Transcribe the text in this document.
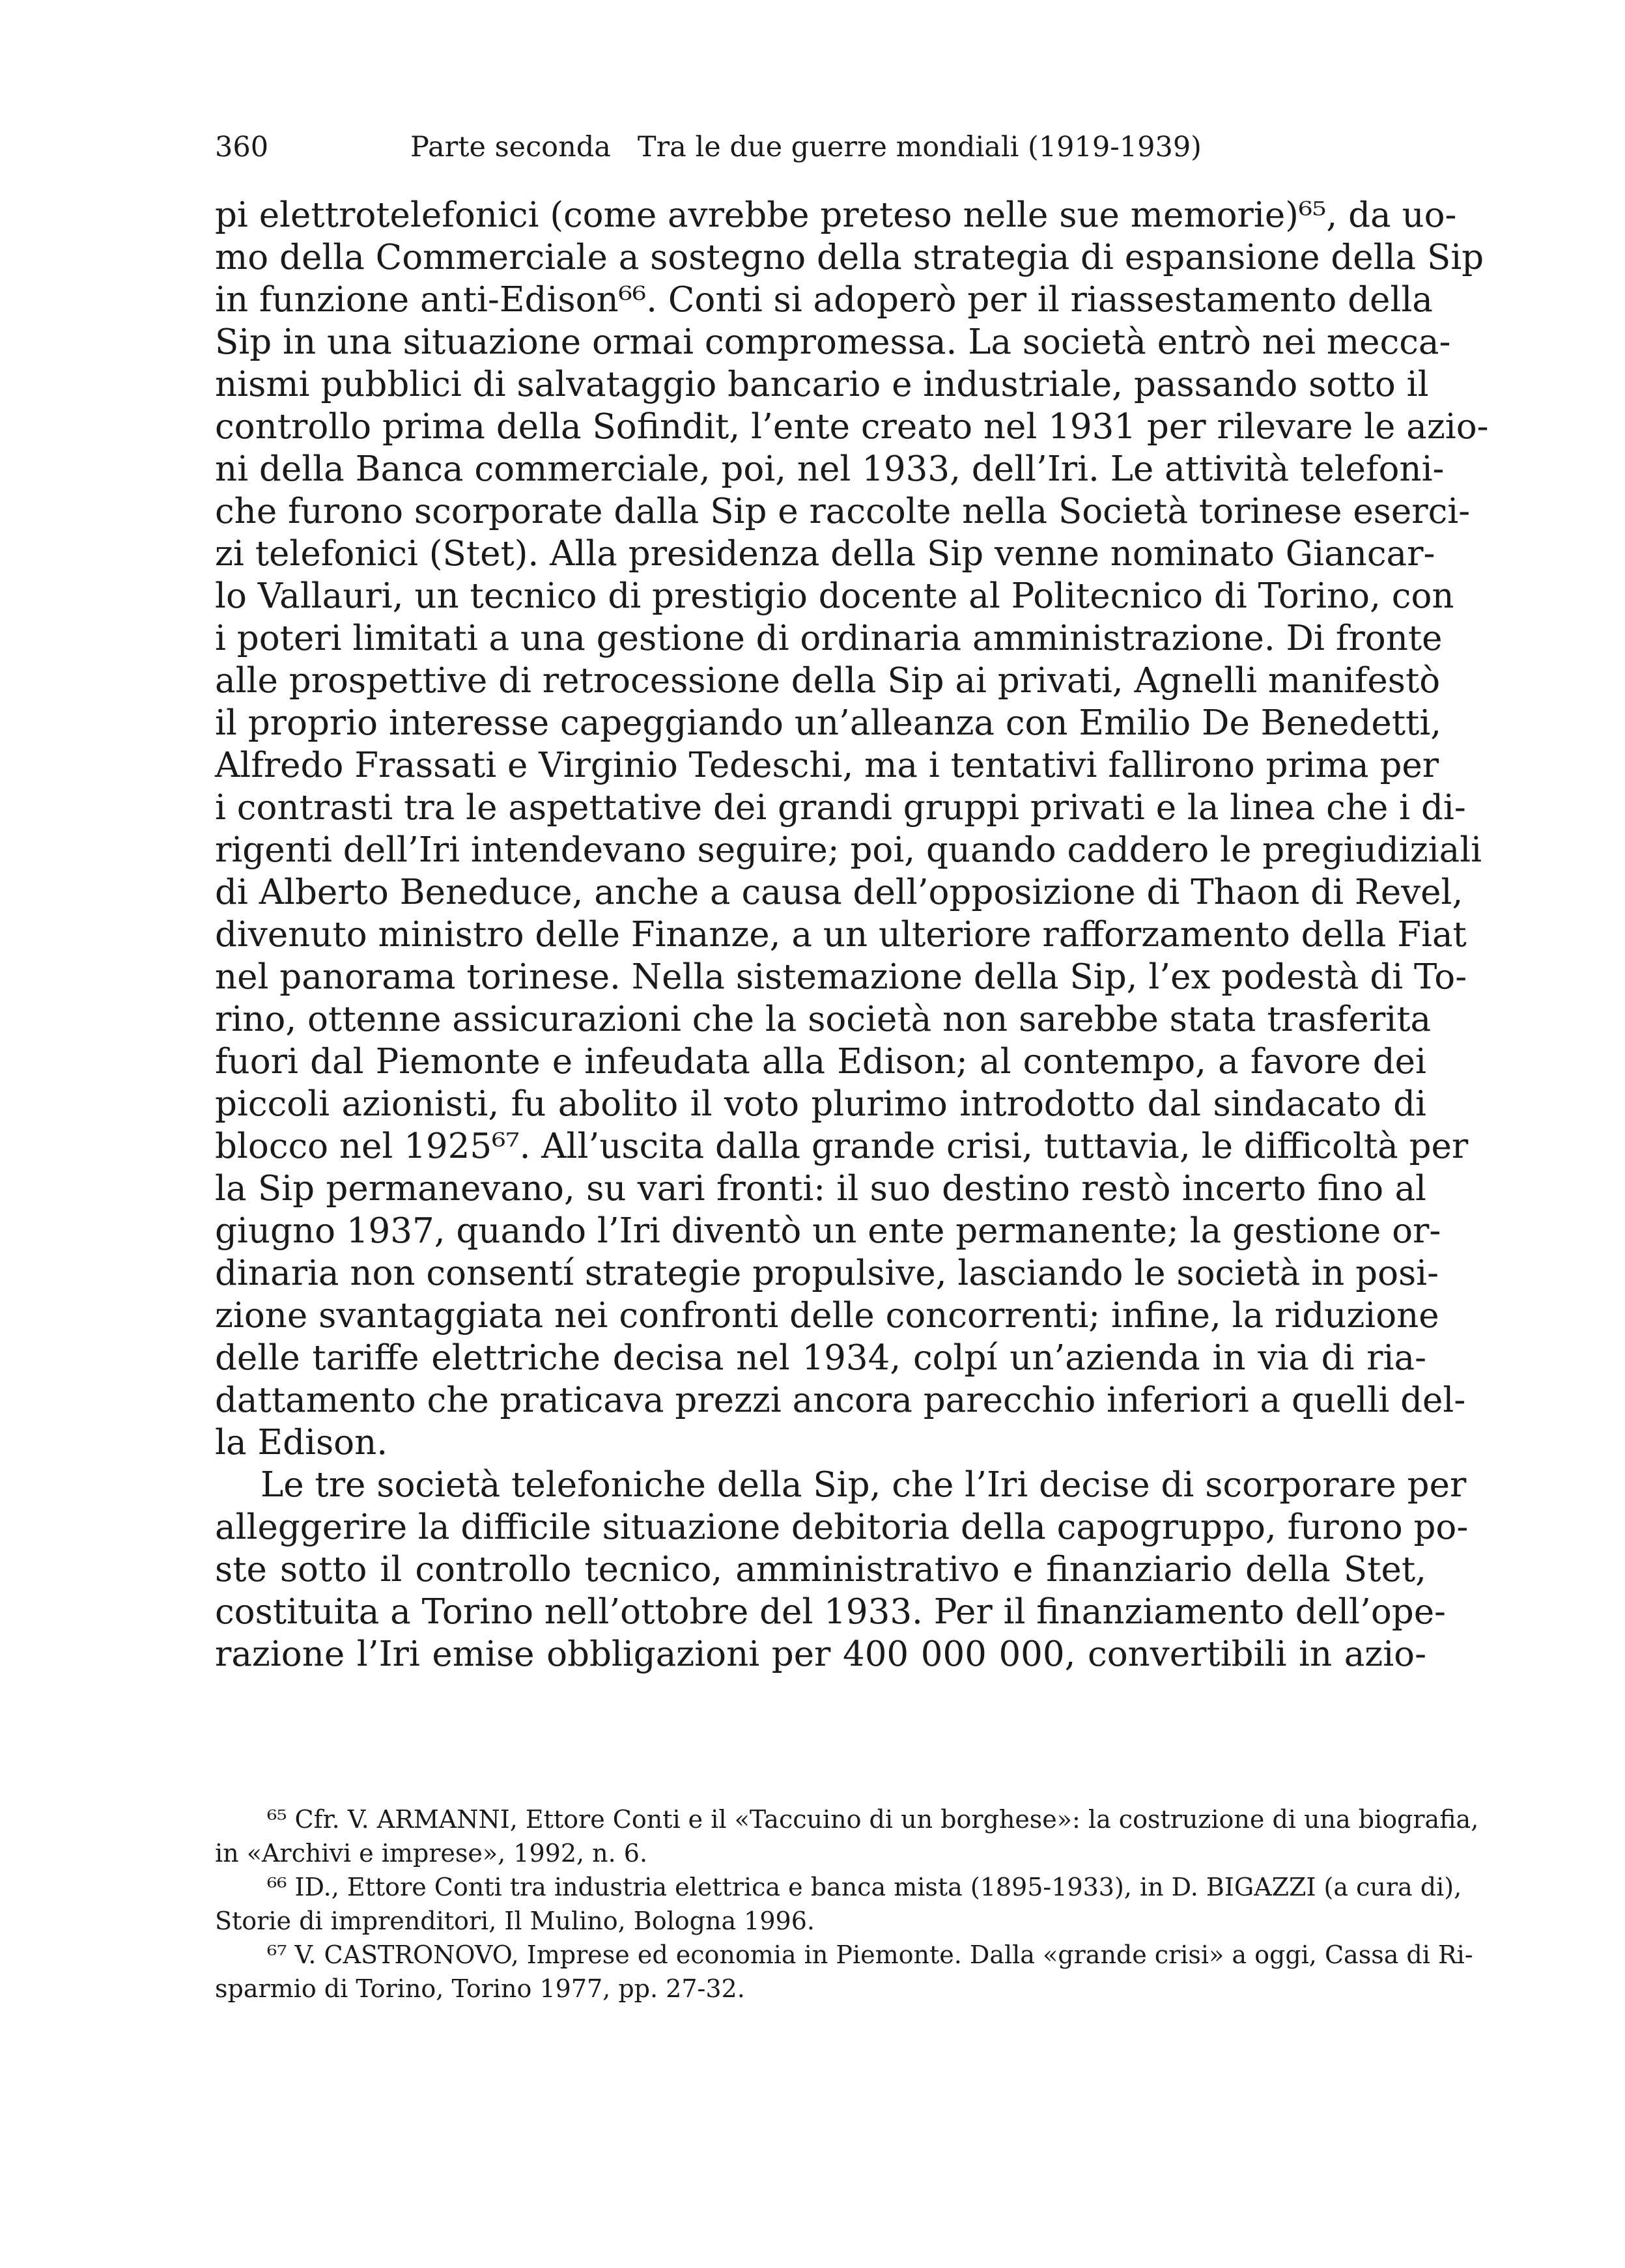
360	Parte seconda   Tra le due guerre mondiali (1919-1939)
pi elettrotelefonici (come avrebbe preteso nelle sue memorie)⁶⁵, da uo-
mo della Commerciale a sostegno della strategia di espansione della Sip
in funzione anti-Edison⁶⁶. Conti si adoperò per il riassestamento della
Sip in una situazione ormai compromessa. La società entrò nei mecca-
nismi pubblici di salvataggio bancario e industriale, passando sotto il
controllo prima della Sofindit, l’ente creato nel 1931 per rilevare le azio-
ni della Banca commerciale, poi, nel 1933, dell’Iri. Le attività telefoni-
che furono scorporate dalla Sip e raccolte nella Società torinese eserci-
zi telefonici (Stet). Alla presidenza della Sip venne nominato Giancar-
lo Vallauri, un tecnico di prestigio docente al Politecnico di Torino, con
i poteri limitati a una gestione di ordinaria amministrazione. Di fronte
alle prospettive di retrocessione della Sip ai privati, Agnelli manifestò
il proprio interesse capeggiando un’alleanza con Emilio De Benedetti,
Alfredo Frassati e Virginio Tedeschi, ma i tentativi fallirono prima per
i contrasti tra le aspettative dei grandi gruppi privati e la linea che i di-
rigenti dell’Iri intendevano seguire; poi, quando caddero le pregiudiziali
di Alberto Beneduce, anche a causa dell’opposizione di Thaon di Revel,
divenuto ministro delle Finanze, a un ulteriore rafforzamento della Fiat
nel panorama torinese. Nella sistemazione della Sip, l’ex podestà di To-
rino, ottenne assicurazioni che la società non sarebbe stata trasferita
fuori dal Piemonte e infeudata alla Edison; al contempo, a favore dei
piccoli azionisti, fu abolito il voto plurimo introdotto dal sindacato di
blocco nel 1925⁶⁷. All’uscita dalla grande crisi, tuttavia, le difficoltà per
la Sip permanevano, su vari fronti: il suo destino restò incerto fino al
giugno 1937, quando l’Iri diventò un ente permanente; la gestione or-
dinaria non consentí strategie propulsive, lasciando le società in posi-
zione svantaggiata nei confronti delle concorrenti; infine, la riduzione
delle tariffe elettriche decisa nel 1934, colpí un’azienda in via di ria-
dattamento che praticava prezzi ancora parecchio inferiori a quelli del-
la Edison.
Le tre società telefoniche della Sip, che l’Iri decise di scorporare per
alleggerire la difficile situazione debitoria della capogruppo, furono po-
ste sotto il controllo tecnico, amministrativo e finanziario della Stet,
costituita a Torino nell’ottobre del 1933. Per il finanziamento dell’ope-
razione l’Iri emise obbligazioni per 400 000 000, convertibili in azio-
⁶⁵ Cfr. V. ARMANNI, Ettore Conti e il «Taccuino di un borghese»: la costruzione di una biografia,
in «Archivi e imprese», 1992, n. 6.
⁶⁶ ID., Ettore Conti tra industria elettrica e banca mista (1895-1933), in D. BIGAZZI (a cura di),
Storie di imprenditori, Il Mulino, Bologna 1996.
⁶⁷ V. CASTRONOVO, Imprese ed economia in Piemonte. Dalla «grande crisi» a oggi, Cassa di Ri-
sparmio di Torino, Torino 1977, pp. 27-32.
